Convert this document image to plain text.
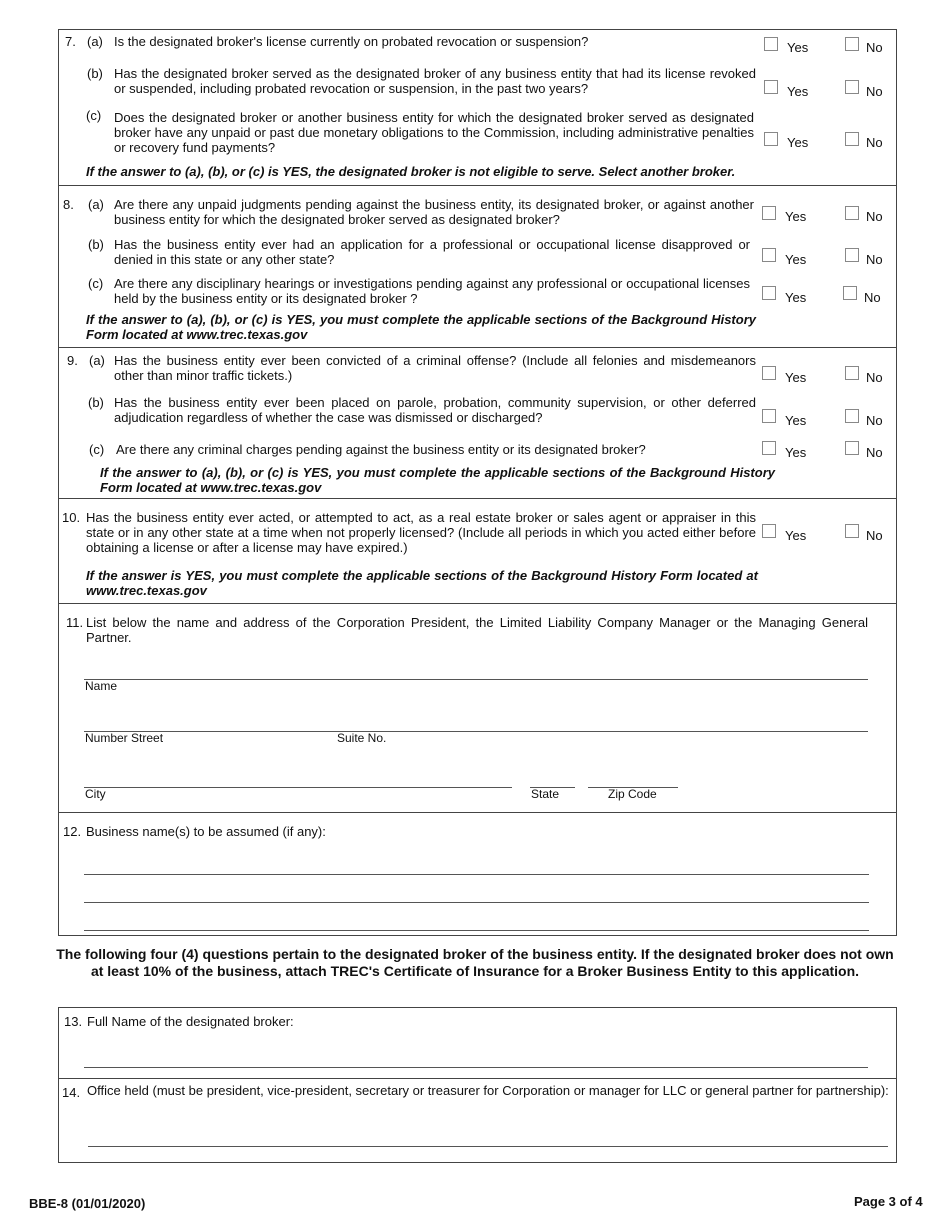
7. (a) Is the designated broker's license currently on probated revocation or suspension?	Yes	No
(b) Has the designated broker served as the designated broker of any business entity that had its license revoked or suspended, including probated revocation or suspension, in the past two years?	Yes	No
(c) Does the designated broker or another business entity for which the designated broker served as designated broker have any unpaid or past due monetary obligations to the Commission, including administrative penalties or recovery fund payments?	Yes	No
If the answer to (a), (b), or (c) is YES, the designated broker is not eligible to serve. Select another broker.
8. (a) Are there any unpaid judgments pending against the business entity, its designated broker, or against another business entity for which the designated broker served as designated broker?	Yes	No
(b) Has the business entity ever had an application for a professional or occupational license disapproved or denied in this state or any other state?	Yes	No
(c) Are there any disciplinary hearings or investigations pending against any professional or occupational licenses held by the business entity or its designated broker ?	Yes	No
If the answer to (a), (b), or (c) is YES, you must complete the applicable sections of the Background History Form located at www.trec.texas.gov
9. (a) Has the business entity ever been convicted of a criminal offense? (Include all felonies and misdemeanors other than minor traffic tickets.)	Yes	No
(b) Has the business entity ever been placed on parole, probation, community supervision, or other deferred adjudication regardless of whether the case was dismissed or discharged?	Yes	No
(c) Are there any criminal charges pending against the business entity or its designated broker?	Yes	No
If the answer to (a), (b), or (c) is YES, you must complete the applicable sections of the Background History Form located at www.trec.texas.gov
10. Has the business entity ever acted, or attempted to act, as a real estate broker or sales agent or appraiser in this state or in any other state at a time when not properly licensed? (Include all periods in which you acted either before obtaining a license or after a license may have expired.)
Yes	No
If the answer is YES, you must complete the applicable sections of the Background History Form located at www.trec.texas.gov
11. List below the name and address of the Corporation President, the Limited Liability Company Manager or the Managing General Partner.
Name
Number Street	Suite No.
City	State	Zip Code
12. Business name(s) to be assumed (if any):
The following four (4) questions pertain to the designated broker of the business entity. If the designated broker does not own at least 10% of the business, attach TREC's Certificate of Insurance for a Broker Business Entity to this application.
13. Full Name of the designated broker:
14. Office held (must be president, vice-president, secretary or treasurer for Corporation or manager for LLC or general partner for partnership):
BBE-8 (01/01/2020)	Page 3 of 4
